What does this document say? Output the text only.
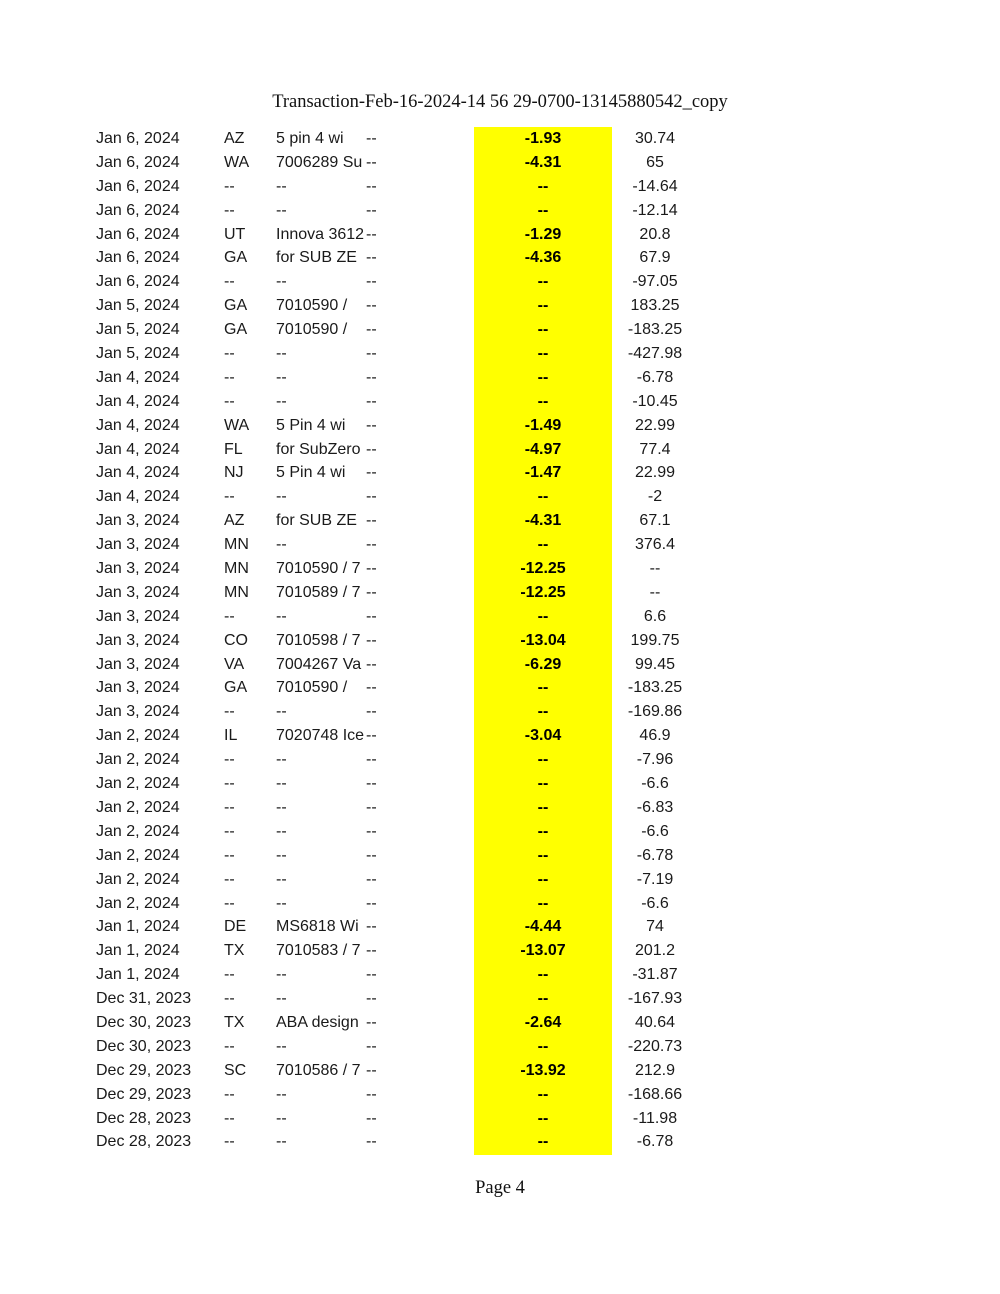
Transaction-Feb-16-2024-14 56 29-0700-13145880542_copy
Jan 6, 2024	AZ	5 pin 4 wi	--	-1.93	30.74
Jan 6, 2024	WA	7006289 Su --	-4.31	65
Jan 6, 2024	--	--	--	--	-14.64
Jan 6, 2024	--	--	--	--	-12.14
Jan 6, 2024	UT	Innova 3612 --	-1.29	20.8
Jan 6, 2024	GA	for SUB ZE --	-4.36	67.9
Jan 6, 2024	--	--	--	--	-97.05
Jan 5, 2024	GA	7010590 /	--	--	183.25
Jan 5, 2024	GA	7010590 /	--	--	-183.25
Jan 5, 2024	--	--	--	--	-427.98
Jan 4, 2024	--	--	--	--	-6.78
Jan 4, 2024	--	--	--	--	-10.45
Jan 4, 2024	WA	5 Pin 4 wi	--	-1.49	22.99
Jan 4, 2024	FL	for SubZero --	-4.97	77.4
Jan 4, 2024	NJ	5 Pin 4 wi	--	-1.47	22.99
Jan 4, 2024	--	--	--	--	-2
Jan 3, 2024	AZ	for SUB ZE --	-4.31	67.1
Jan 3, 2024	MN	--	--	--	376.4
Jan 3, 2024	MN	7010590 / 7 --	-12.25	--
Jan 3, 2024	MN	7010589 / 7 --	-12.25	--
Jan 3, 2024	--	--	--	--	6.6
Jan 3, 2024	CO	7010598 / 7 --	-13.04	199.75
Jan 3, 2024	VA	7004267 Va --	-6.29	99.45
Jan 3, 2024	GA	7010590 /	--	--	-183.25
Jan 3, 2024	--	--	--	--	-169.86
Jan 2, 2024	IL	7020748 Ice --	-3.04	46.9
Jan 2, 2024	--	--	--	--	-7.96
Jan 2, 2024	--	--	--	--	-6.6
Jan 2, 2024	--	--	--	--	-6.83
Jan 2, 2024	--	--	--	--	-6.6
Jan 2, 2024	--	--	--	--	-6.78
Jan 2, 2024	--	--	--	--	-7.19
Jan 2, 2024	--	--	--	--	-6.6
Jan 1, 2024	DE	MS6818 Wi --	-4.44	74
Jan 1, 2024	TX	7010583 / 7 --	-13.07	201.2
Jan 1, 2024	--	--	--	--	-31.87
Dec 31, 2023	--	--	--	--	-167.93
Dec 30, 2023	TX	ABA design --	-2.64	40.64
Dec 30, 2023	--	--	--	--	-220.73
Dec 29, 2023	SC	7010586 / 7 --	-13.92	212.9
Dec 29, 2023	--	--	--	--	-168.66
Dec 28, 2023	--	--	--	--	-11.98
Dec 28, 2023	--	--	--	--	-6.78
Page 4
